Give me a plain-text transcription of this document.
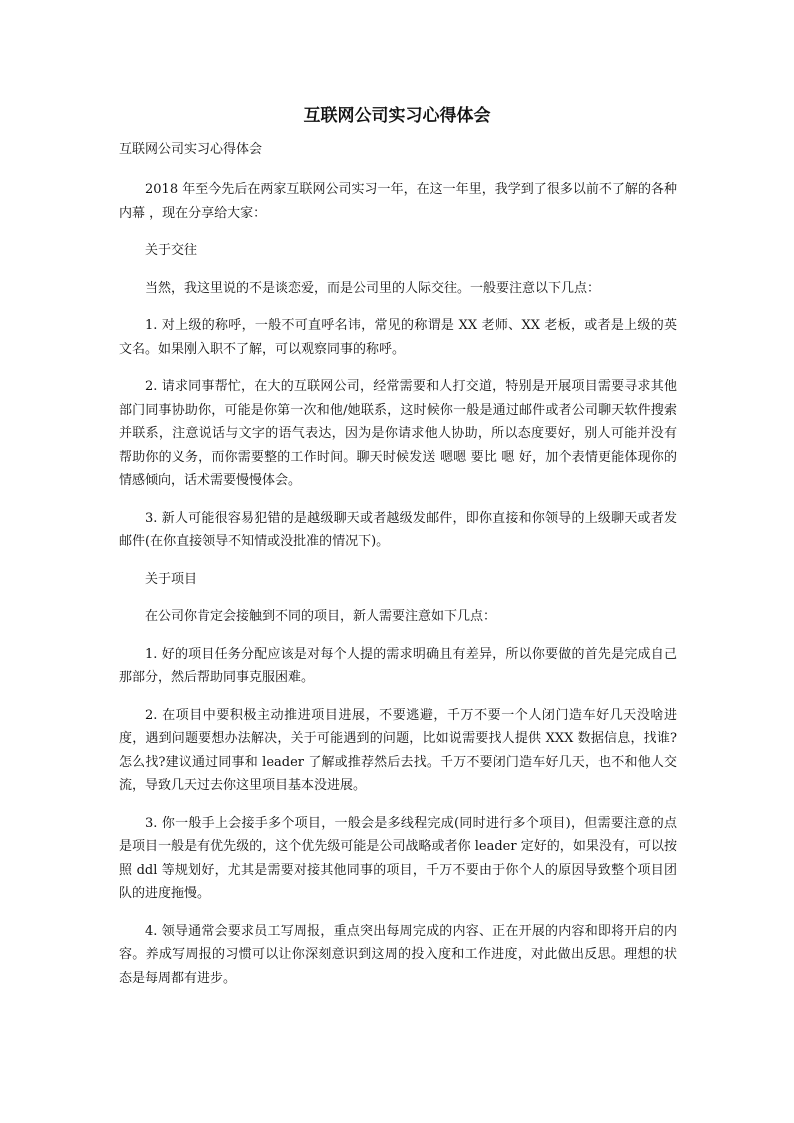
互联网公司实习心得体会
互联网公司实习心得体会

2018 年至今先后在两家互联网公司实习一年，在这一年里，我学到了很多以前不了解的各种 内幕 ，现在分享给大家：

关于交往

当然，我这里说的不是谈恋爱，而是公司里的人际交往。一般要注意以下几点：

1. 对上级的称呼，一般不可直呼名讳，常见的称谓是 XX 老师、XX 老板，或者是上级的英文名。如果刚入职不了解，可以观察同事的称呼。

2. 请求同事帮忙，在大的互联网公司，经常需要和人打交道，特别是开展项目需要寻求其他部门同事协助你，可能是你第一次和他/她联系，这时候你一般是通过邮件或者公司聊天软件搜索并联系，注意说话与文字的语气表达，因为是你请求他人协助，所以态度要好，别人可能并没有帮助你的义务，而你需要整的工作时间。聊天时候发送 嗯嗯 要比 嗯 好，加个表情更能体现你的情感倾向，话术需要慢慢体会。

3. 新人可能很容易犯错的是越级聊天或者越级发邮件，即你直接和你领导的上级聊天或者发邮件(在你直接领导不知情或没批准的情况下)。

关于项目

在公司你肯定会接触到不同的项目，新人需要注意如下几点：

1. 好的项目任务分配应该是对每个人提的需求明确且有差异，所以你要做的首先是完成自己那部分，然后帮助同事克服困难。

2. 在项目中要积极主动推进项目进展，不要逃避，千万不要一个人闭门造车好几天没啥进度，遇到问题要想办法解决，关于可能遇到的问题，比如说需要找人提供 XXX 数据信息，找谁?怎么找?建议通过同事和 leader 了解或推荐然后去找。千万不要闭门造车好几天，也不和他人交流，导致几天过去你这里项目基本没进展。

3. 你一般手上会接手多个项目，一般会是多线程完成(同时进行多个项目)，但需要注意的点是项目一般是有优先级的，这个优先级可能是公司战略或者你 leader 定好的，如果没有，可以按照 ddl 等规划好，尤其是需要对接其他同事的项目，千万不要由于你个人的原因导致整个项目团队的进度拖慢。

4. 领导通常会要求员工写周报，重点突出每周完成的内容、正在开展的内容和即将开启的内容。养成写周报的习惯可以让你深刻意识到这周的投入度和工作进度，对此做出反思。理想的状态是每周都有进步。
